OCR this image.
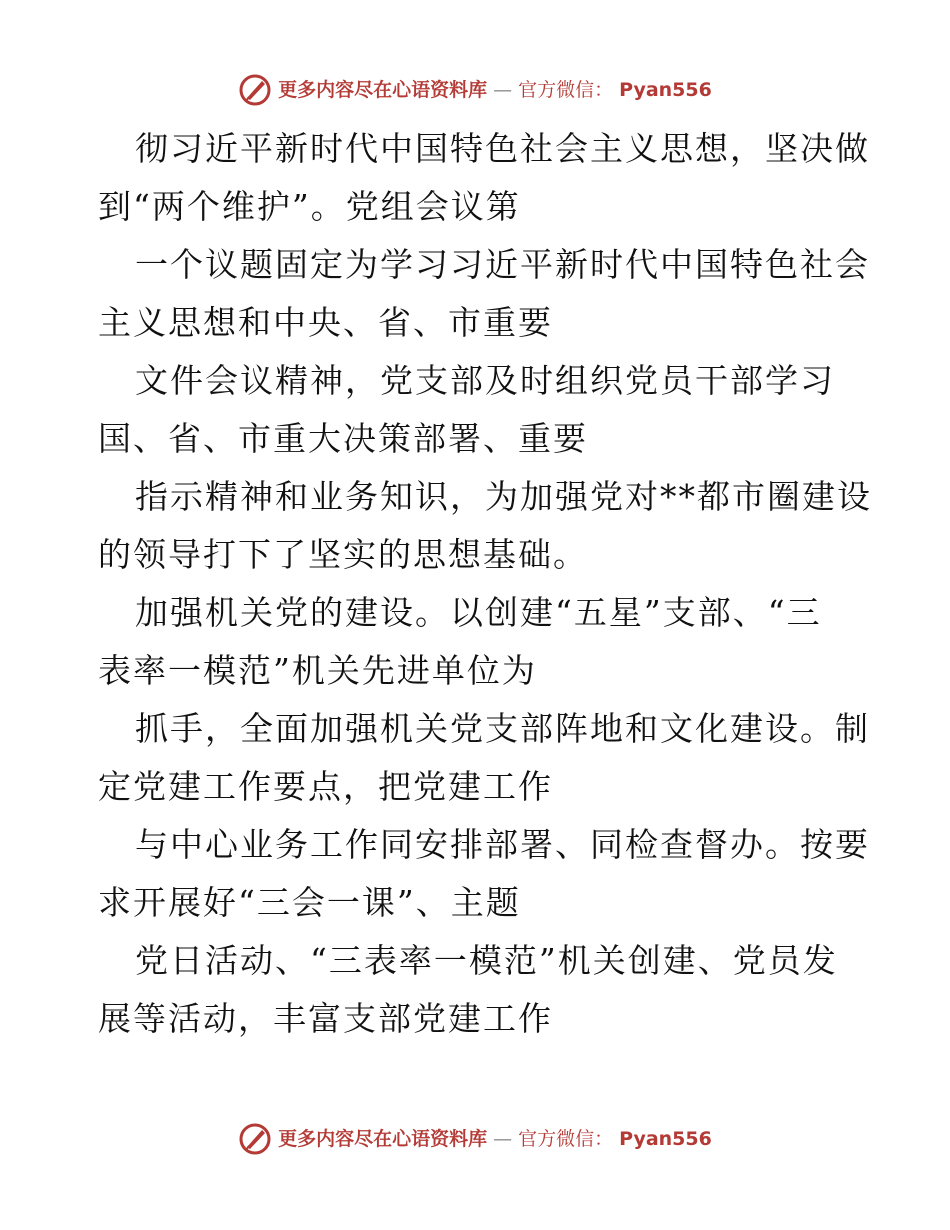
更多内容尽在心语资料库 — 官方微信： Pyan556
彻习近平新时代中国特色社会主义思想，坚决做
到“两个维护”。党组会议第
一个议题固定为学习习近平新时代中国特色社会
主义思想和中央、省、市重要
文件会议精神，党支部及时组织党员干部学习
国、省、市重大决策部署、重要
指示精神和业务知识，为加强党对**都市圈建设
的领导打下了坚实的思想基础。
加强机关党的建设。以创建“五星”支部、“三
表率一模范”机关先进单位为
抓手，全面加强机关党支部阵地和文化建设。制
定党建工作要点，把党建工作
与中心业务工作同安排部署、同检查督办。按要
求开展好“三会一课”、主题
党日活动、“三表率一模范”机关创建、党员发
展等活动，丰富支部党建工作
更多内容尽在心语资料库 — 官方微信： Pyan556
